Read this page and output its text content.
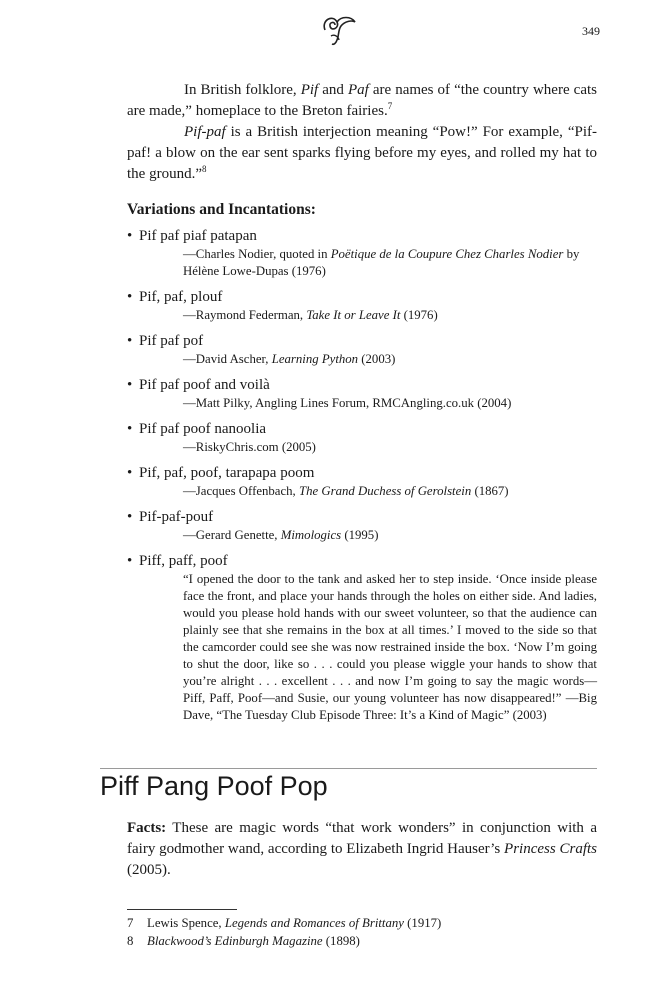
349

In British folklore, Pif and Paf are names of “the country where cats are made,” homeplace to the Breton fairies.$^7$

Pif-paf is a British interjection meaning “Pow!” For example, “Pif-paf! a blow on the ear sent sparks flying before my eyes, and rolled my hat to the ground.”$^8$

Variations and Incantations:
• Pif paf piaf patapan
—Charles Nodier, quoted in Poëtique de la Coupure Chez Charles Nodier by Hélène Lowe-Dupas (1976)
• Pif, paf, plouf
—Raymond Federman, Take It or Leave It (1976)
• Pif paf pof
—David Ascher, Learning Python (2003)
• Pif paf poof and voilà
—Matt Pilky, Angling Lines Forum, RMCAngling.co.uk (2004)
• Pif paf poof nanoolia
—RiskyChris.com (2005)
• Pif, paf, poof, tarapapa poom
—Jacques Offenbach, The Grand Duchess of Gerolstein (1867)
• Pif-paf-pouf
—Gerard Genette, Mimologics (1995)
• Piff, paff, poof
“I opened the door to the tank and asked her to step inside. ‘Once inside please face the front, and place your hands through the holes on either side. And ladies, would you please hold hands with our sweet volunteer, so that the audience can plainly see that she remains in the box at all times.’ I moved to the side so that the camcorder could see she was now restrained inside the box. ‘Now I’m going to shut the door, like so . . . could you please wiggle your hands to show that you’re alright . . . excellent . . . and now I’m going to say the magic words—Piff, Paff, Poof—and Susie, our young volunteer has now disappeared!” —Big Dave, “The Tuesday Club Episode Three: It’s a Kind of Magic” (2003)
Piff Pang Poof Pop
Facts: These are magic words “that work wonders” in conjunction with a fairy godmother wand, according to Elizabeth Ingrid Hauser’s Princess Crafts (2005).
7 Lewis Spence, Legends and Romances of Brittany (1917)
8 Blackwood’s Edinburgh Magazine (1898)
